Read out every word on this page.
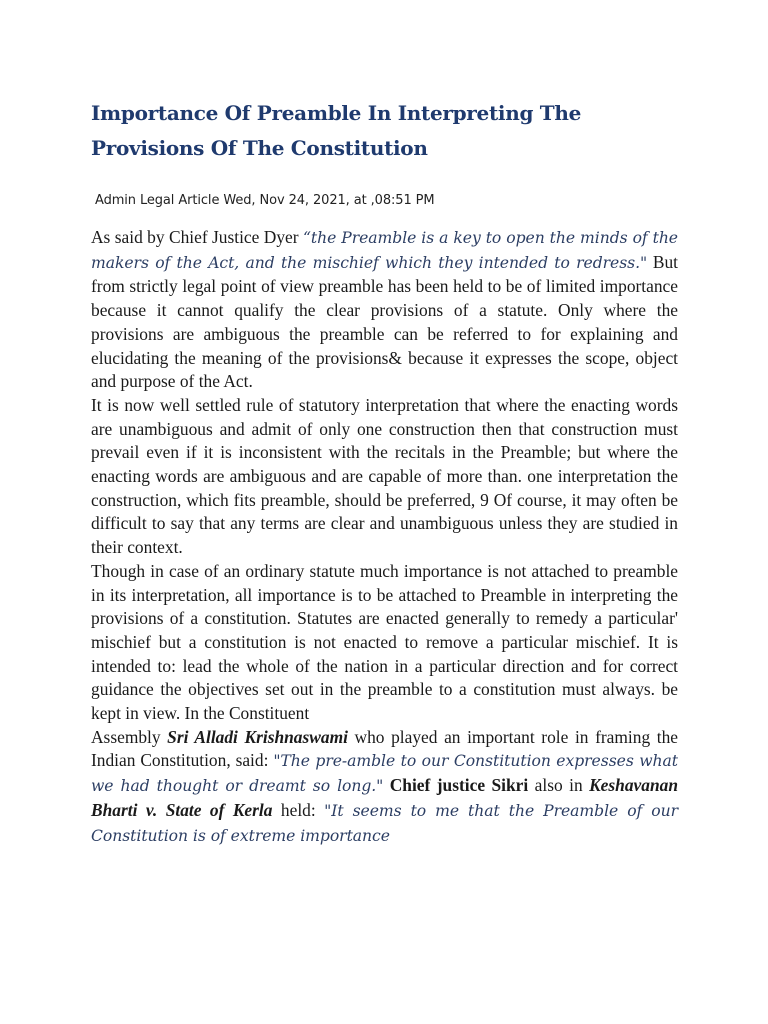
Importance Of Preamble In Interpreting The Provisions Of The Constitution
Admin Legal Article Wed, Nov 24, 2021, at ,08:51 PM

As said by Chief Justice Dyer “the Preamble is a key to open the minds of the makers of the Act, and the mischief which they intended to redress." But from strictly legal point of view preamble has been held to be of limited importance because it cannot qualify the clear provisions of a statute. Only where the provisions are ambiguous the preamble can be referred to for explaining and elucidating the meaning of the provisions& because it expresses the scope, object and purpose of the Act.

It is now well settled rule of statutory interpretation that where the enacting words are unambiguous and admit of only one construction then that construction must prevail even if it is inconsistent with the recitals in the Preamble; but where the enacting words are ambiguous and are capable of more than. one interpretation the construction, which fits preamble, should be preferred, 9 Of course, it may often be difficult to say that any terms are clear and unambiguous unless they are studied in their context.

Though in case of an ordinary statute much importance is not attached to preamble in its interpretation, all importance is to be attached to Preamble in interpreting the provisions of a constitution. Statutes are enacted generally to remedy a particular' mischief but a constitution is not enacted to remove a particular mischief. It is intended to: lead the whole of the nation in a particular direction and for correct guidance the objectives set out in the preamble to a constitution must always. be kept in view. In the Constituent

Assembly Sri Alladi Krishnaswami who played an important role in framing the Indian Constitution, said: "The pre-amble to our Constitution expresses what we had thought or dreamt so long." Chief justice Sikri also in Keshavanan Bharti v. State of Kerla held: "It seems to me that the Preamble of our Constitution is of extreme importance
